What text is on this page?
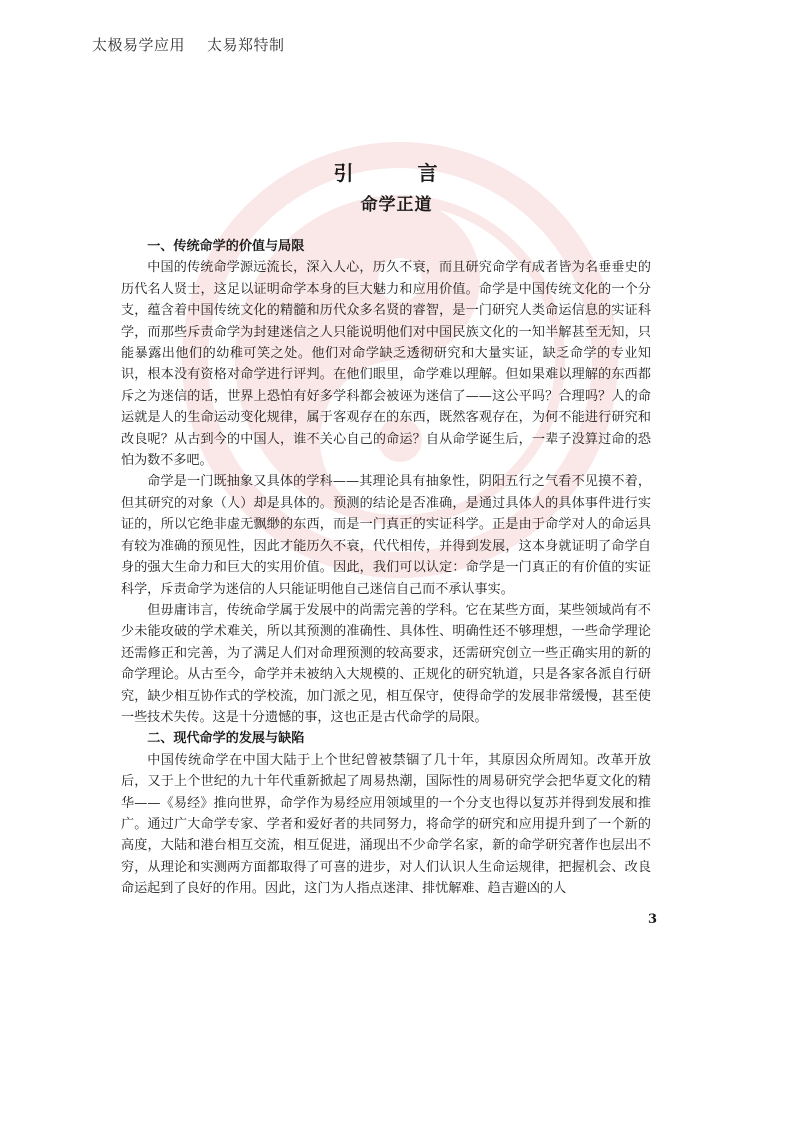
太极易学应用 太易郑特制
引　言
命学正道
一、传统命学的价值与局限

中国的传统命学源远流长，深入人心，历久不衰，而且研究命学有成者皆为名垂垂史的历代名人贤士，这足以证明命学本身的巨大魅力和应用价值。命学是中国传统文化的一个分支，蕴含着中国传统文化的精髓和历代众多名贤的睿智，是一门研究人类命运信息的实证科学，而那些斥责命学为封建迷信之人只能说明他们对中国民族文化的一知半解甚至无知，只能暴露出他们的幼稚可笑之处。他们对命学缺乏透彻研究和大量实证，缺乏命学的专业知识，根本没有资格对命学进行评判。在他们眼里，命学难以理解。但如果难以理解的东西都斥之为迷信的话，世界上恐怕有好多学科都会被诬为迷信了——这公平吗？合理吗？人的命运就是人的生命运动变化规律，属于客观存在的东西，既然客观存在，为何不能进行研究和改良呢？从古到今的中国人，谁不关心自己的命运？自从命学诞生后，一辈子没算过命的恐怕为数不多吧。

命学是一门既抽象又具体的学科——其理论具有抽象性，阴阳五行之气看不见摸不着，但其研究的对象（人）却是具体的。预测的结论是否准确，是通过具体人的具体事件进行实证的，所以它绝非虚无飘缈的东西，而是一门真正的实证科学。正是由于命学对人的命运具有较为准确的预见性，因此才能历久不衰，代代相传，并得到发展，这本身就证明了命学自身的强大生命力和巨大的实用价值。因此，我们可以认定：命学是一门真正的有价值的实证科学，斥责命学为迷信的人只能证明他自己迷信自己而不承认事实。

但毋庸讳言，传统命学属于发展中的尚需完善的学科。它在某些方面，某些领域尚有不少未能攻破的学术难关，所以其预测的准确性、具体性、明确性还不够理想，一些命学理论还需修正和完善，为了满足人们对命理预测的较高要求，还需研究创立一些正确实用的新的命学理论。从古至今，命学并未被纳入大规模的、正规化的研究轨道，只是各家各派自行研究，缺少相互协作式的学校流，加门派之见，相互保守，使得命学的发展非常缓慢，甚至使一些技术失传。这是十分遗憾的事，这也正是古代命学的局限。

二、现代命学的发展与缺陷

中国传统命学在中国大陆于上个世纪曾被禁锢了几十年，其原因众所周知。改革开放后，又于上个世纪的九十年代重新掀起了周易热潮，国际性的周易研究学会把华夏文化的精华——《易经》推向世界，命学作为易经应用领域里的一个分支也得以复苏并得到发展和推广。通过广大命学专家、学者和爱好者的共同努力，将命学的研究和应用提升到了一个新的高度，大陆和港台相互交流，相互促进，涌现出不少命学名家，新的命学研究著作也层出不穷，从理论和实测两方面都取得了可喜的进步，对人们认识人生命运规律，把握机会、改良命运起到了良好的作用。因此，这门为人指点迷津、排忧解难、趋吉避凶的人

3
